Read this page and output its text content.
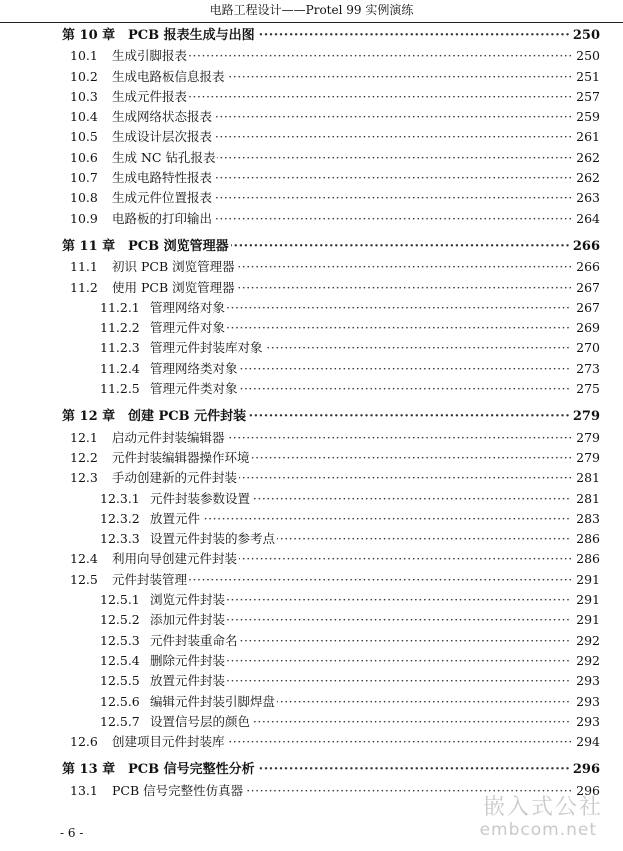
电路工程设计——Protel 99 实例演练
第 10 章 PCB 报表生成与出图 ·····	250
10.1 生成引脚报表 ·····	250
10.2 生成电路板信息报表 ·····	251
10.3 生成元件报表 ·····	257
10.4 生成网络状态报表 ·····	259
10.5 生成设计层次报表 ·····	261
10.6 生成 NC 钻孔报表 ·····	262
10.7 生成电路特性报表 ·····	262
10.8 生成元件位置报表 ·····	263
10.9 电路板的打印输出 ·····	264
第 11 章 PCB 浏览管理器 ·····	266
11.1 初识 PCB 浏览管理器 ·····	266
11.2 使用 PCB 浏览管理器 ·····	267
11.2.1 管理网络对象 ·····	267
11.2.2 管理元件对象 ·····	269
11.2.3 管理元件封装库对象 ·····	270
11.2.4 管理网络类对象 ·····	273
11.2.5 管理元件类对象 ·····	275
第 12 章 创建 PCB 元件封装 ·····	279
12.1 启动元件封装编辑器 ·····	279
12.2 元件封装编辑器操作环境 ·····	279
12.3 手动创建新的元件封装 ·····	281
12.3.1 元件封装参数设置 ·····	281
12.3.2 放置元件 ·····	283
12.3.3 设置元件封装的参考点 ·····	286
12.4 利用向导创建元件封装 ·····	286
12.5 元件封装管理 ·····	291
12.5.1 浏览元件封装 ·····	291
12.5.2 添加元件封装 ·····	291
12.5.3 元件封装重命名 ·····	292
12.5.4 删除元件封装 ·····	292
12.5.5 放置元件封装 ·····	293
12.5.6 编辑元件封装引脚焊盘 ·····	293
12.5.7 设置信号层的颜色 ·····	293
12.6 创建项目元件封装库 ·····	294
第 13 章 PCB 信号完整性分析 ·····	296
13.1 PCB 信号完整性仿真器 ·····	296
- 6 -
嵌入式公社
embcom.net
